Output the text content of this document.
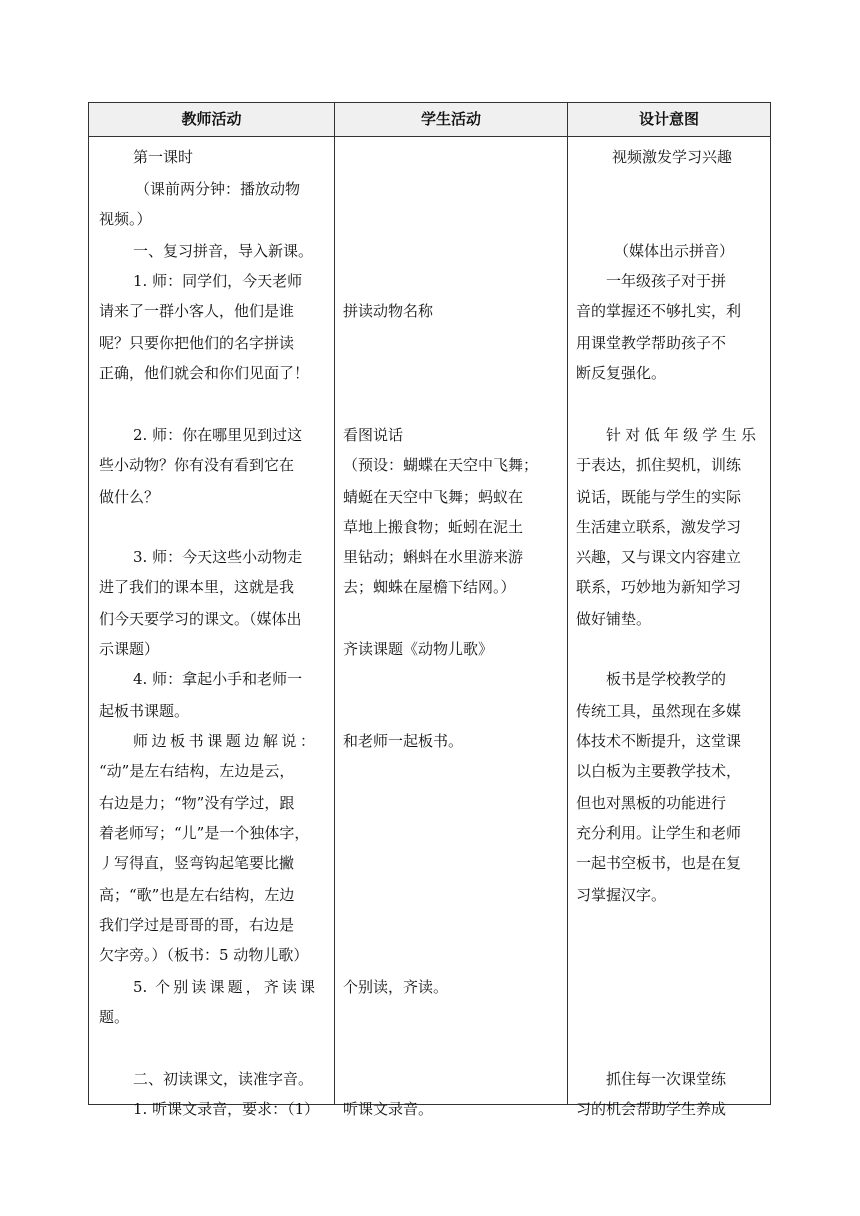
教师活动	学生活动	设计意图
第一课时
（课前两分钟：播放动物
视频。）
一、复习拼音，导入新课。
1. 师：同学们，今天老师
请来了一群小客人，他们是谁
呢？只要你把他们的名字拼读
正确，他们就会和你们见面了！
2. 师：你在哪里见到过这
些小动物？你有没有看到它在
做什么？
3. 师：今天这些小动物走
进了我们的课本里，这就是我
们今天要学习的课文。（媒体出
示课题）
4. 师：拿起小手和老师一
起板书课题。
师边板书课题边解说：
“动”是左右结构，左边是云，
右边是力；“物”没有学过，跟
着老师写；“儿”是一个独体字，
丿写得直，竖弯钩起笔要比撇
高；“歌”也是左右结构，左边
我们学过是哥哥的哥，右边是
欠字旁。）（板书：5 动物儿歌）
5. 个别读课题，齐读课
题。
二、初读课文，读准字音。
1. 听课文录音，要求：（1）
拼读动物名称
看图说话
（预设：蝴蝶在天空中飞舞；
蜻蜓在天空中飞舞；蚂蚁在
草地上搬食物；蚯蚓在泥土
里钻动；蝌蚪在水里游来游
去；蜘蛛在屋檐下结网。）
齐读课题《动物儿歌》
和老师一起板书。
个别读，齐读。
听课文录音。
视频激发学习兴趣
（媒体出示拼音）
一年级孩子对于拼
音的掌握还不够扎实，利
用课堂教学帮助孩子不
断反复强化。
针对低年级学生乐
于表达，抓住契机，训练
说话，既能与学生的实际
生活建立联系，激发学习
兴趣，又与课文内容建立
联系，巧妙地为新知学习
做好铺垫。
板书是学校教学的
传统工具，虽然现在多媒
体技术不断提升，这堂课
以白板为主要教学技术，
但也对黑板的功能进行
充分利用。让学生和老师
一起书空板书，也是在复
习掌握汉字。
抓住每一次课堂练
习的机会帮助学生养成
